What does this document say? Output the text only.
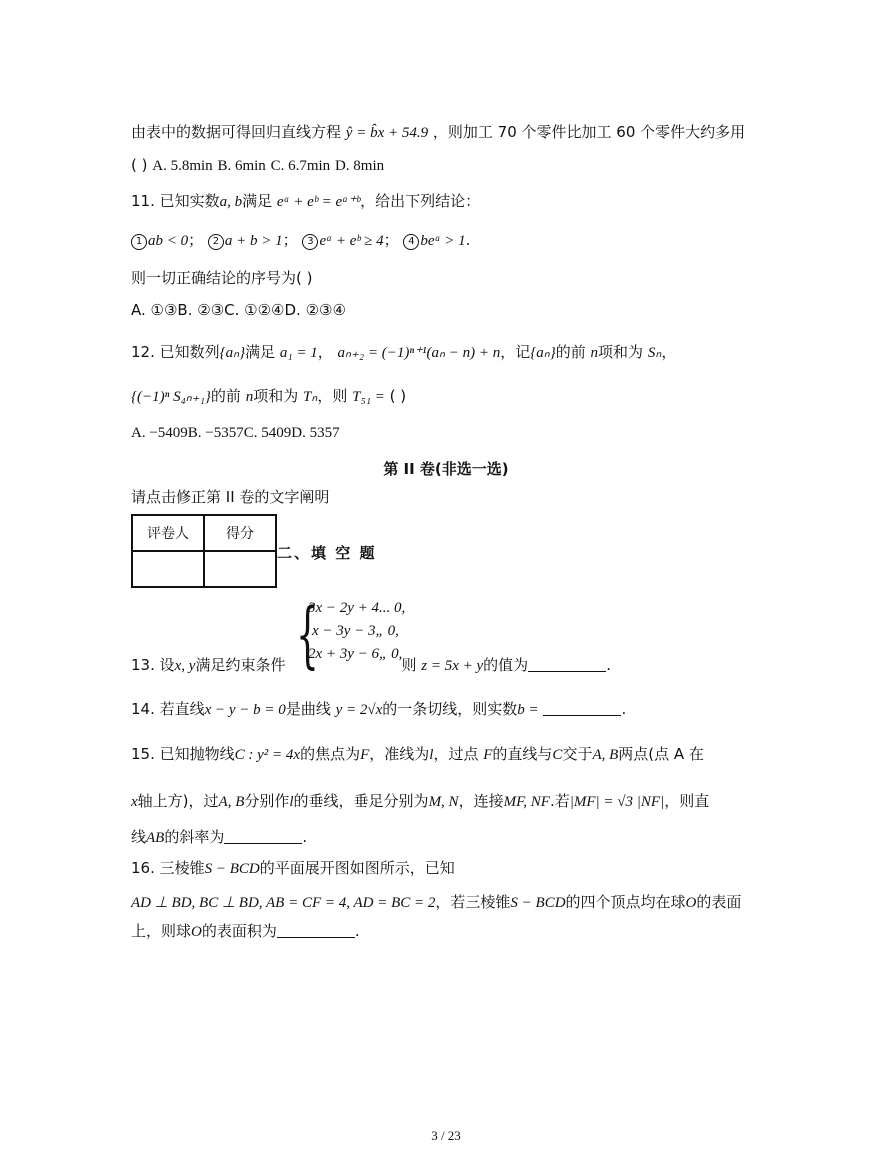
由表中的数据可得回归直线方程 ŷ = b̂x + 54.9 ，则加工 70 个零件比加工 60 个零件大约多用
( ) A. 5.8min B. 6min C. 6.7min D. 8min
11. 已知实数a, b满足 eᵃ + eᵇ = eᵃ⁺ᵇ，给出下列结论：
1 ab < 0； 2 a + b > 1； 3 eᵃ + eᵇ ≥ 4； 4 beᵃ > 1.
则一切正确结论的序号为( )
A. ①③B. ②③C. ①②④D. ②③④
12. 已知数列{aₙ}满足 a₁ = 1， aₙ₊₂ = (−1)ⁿ⁺¹(aₙ − n) + n，记{aₙ}的前 n项和为 Sₙ，
{(−1)ⁿ S₄ₙ₊₁}的前 n项和为 Tₙ，则 T₅₁ = ( )
A. −5409B. −5357C. 5409D. 5357
第 II 卷(非选一选)
请点击修正第 II 卷的文字阐明
评卷人	得分

二、填 空 题
{
3x − 2y + 4... 0,
x − 3y − 3„ 0,
2x + 3y − 6„ 0,
13. 设x, y满足约束条件	则 z = 5x + y的值为	.
14. 若直线x − y − b = 0是曲线 y = 2√x的一条切线，则实数b =	.
15. 已知抛物线C : y² = 4x的焦点为F，准线为l，过点 F的直线与C交于A, B两点(点 A 在
x轴上方)，过A, B分别作l的垂线，垂足分别为M, N，连接MF, NF.若|MF| = √3 |NF|，则直
线AB的斜率为	.
16. 三棱锥S − BCD的平面展开图如图所示，已知
AD ⊥ BD, BC ⊥ BD, AB = CF = 4, AD = BC = 2，若三棱锥S − BCD的四个顶点均在球O的表面
上，则球O的表面积为	.
3 / 23
